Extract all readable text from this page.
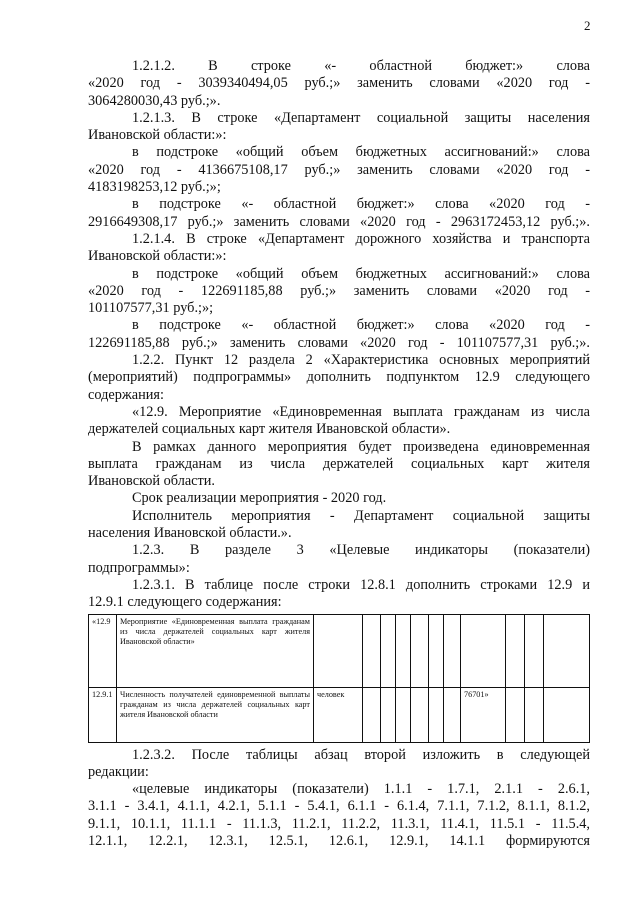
2
1.2.1.2. В строке «- областной бюджет:» слова
«2020 год - 3039340494,05 руб.;» заменить словами «2020 год -
3064280030,43 руб.;».
1.2.1.3. В строке «Департамент социальной защиты населения
Ивановской области:»:
в подстроке «общий объем бюджетных ассигнований:» слова
«2020 год - 4136675108,17 руб.;» заменить словами «2020 год -
4183198253,12 руб.;»;
в подстроке «- областной бюджет:» слова «2020 год -
2916649308,17 руб.;» заменить словами «2020 год - 2963172453,12 руб.;».
1.2.1.4. В строке «Департамент дорожного хозяйства и транспорта
Ивановской области:»:
в подстроке «общий объем бюджетных ассигнований:» слова
«2020 год - 122691185,88 руб.;» заменить словами «2020 год -
101107577,31 руб.;»;
в подстроке «- областной бюджет:» слова «2020 год -
122691185,88 руб.;» заменить словами «2020 год - 101107577,31 руб.;».
1.2.2. Пункт 12 раздела 2 «Характеристика основных мероприятий
(мероприятий) подпрограммы» дополнить подпунктом 12.9 следующего
содержания:
«12.9. Мероприятие «Единовременная выплата гражданам из числа
держателей социальных карт жителя Ивановской области».
В рамках данного мероприятия будет произведена единовременная
выплата гражданам из числа держателей социальных карт жителя
Ивановской области.
Срок реализации мероприятия - 2020 год.
Исполнитель мероприятия - Департамент социальной защиты
населения Ивановской области.».
1.2.3. В разделе 3 «Целевые индикаторы (показатели)
подпрограммы»:
1.2.3.1. В таблице после строки 12.8.1 дополнить строками 12.9 и
12.9.1 следующего содержания:
«12.9	Мероприятие «Единовременная выплата гражданам из числа держателей социальных карт жителя Ивановской области»											
12.9.1	Численность получателей единовременной выплаты гражданам из числа держателей социальных карт жителя Ивановской области	человек							76701»			
1.2.3.2. После таблицы абзац второй изложить в следующей
редакции:
«целевые индикаторы (показатели) 1.1.1 - 1.7.1, 2.1.1 - 2.6.1,
3.1.1 - 3.4.1, 4.1.1, 4.2.1, 5.1.1 - 5.4.1, 6.1.1 - 6.1.4, 7.1.1, 7.1.2, 8.1.1, 8.1.2,
9.1.1, 10.1.1, 11.1.1 - 11.1.3, 11.2.1, 11.2.2, 11.3.1, 11.4.1, 11.5.1 - 11.5.4,
12.1.1, 12.2.1, 12.3.1, 12.5.1, 12.6.1, 12.9.1, 14.1.1 формируются
